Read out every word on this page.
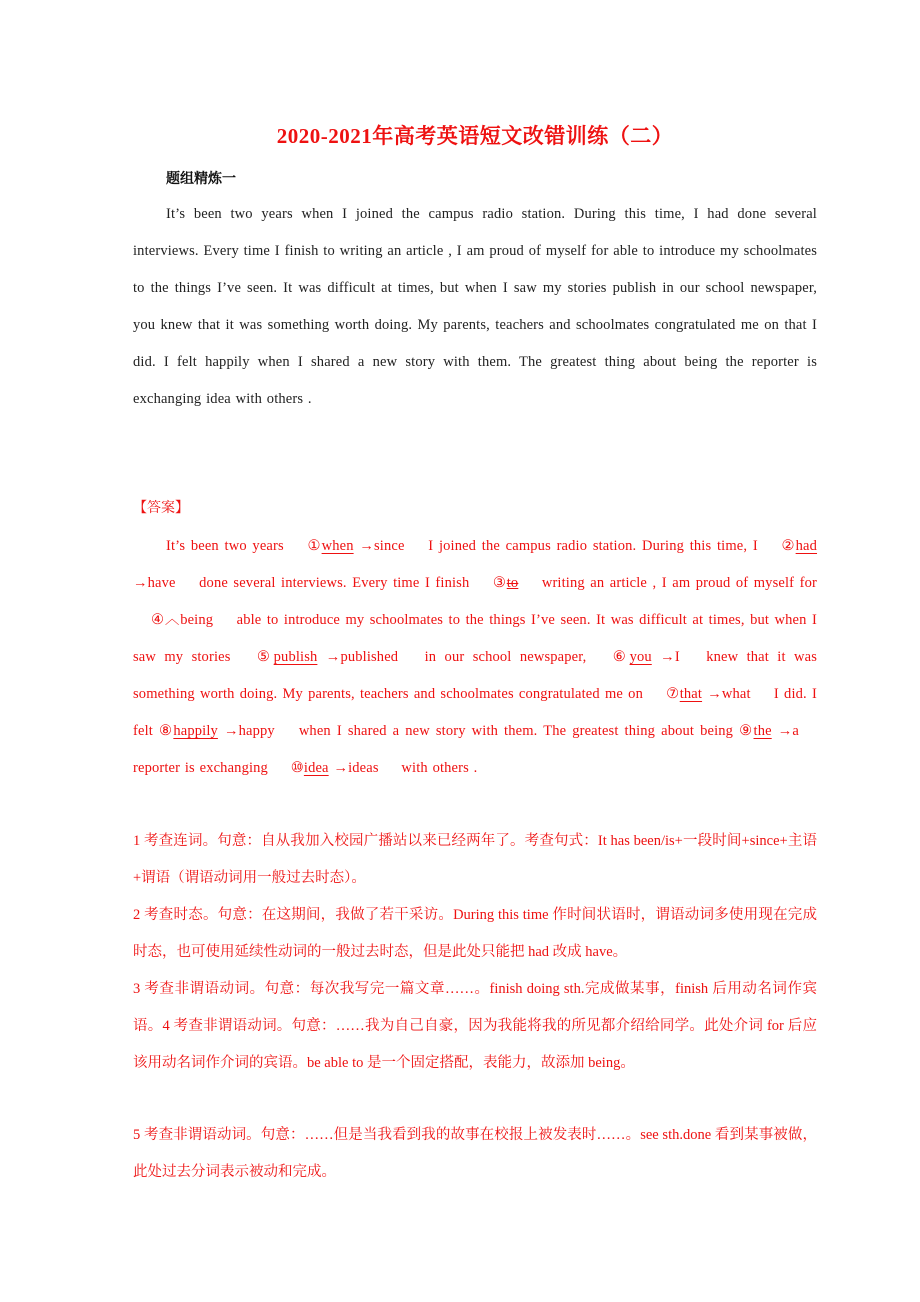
2020-2021年高考英语短文改错训练（二）
题组精炼一

It’s been two years when I joined the campus radio station. During this time, I had done several interviews. Every time I finish to writing an article , I am proud of myself for able to introduce my schoolmates to the things I’ve seen. It was difficult at times, but when I saw my stories publish in our school newspaper, you knew that it was something worth doing. My parents, teachers and schoolmates congratulated me on that I did. I felt happily when I shared a new story with them. The greatest thing about being the reporter is exchanging idea with others .

【答案】

It’s been two years ①when →since I joined the campus radio station. During this time, I ②had →have done several interviews. Every time I finish ③to writing an article , I am proud of myself for ④︿being able to introduce my schoolmates to the things I’ve seen. It was difficult at times, but when I saw my stories ⑤publish →published in our school newspaper, ⑥you →I knew that it was something worth doing. My parents, teachers and schoolmates congratulated me on ⑦that →what I did. I felt ⑧happily →happy when I shared a new story with them. The greatest thing about being ⑨the →a reporter is exchanging ⑩idea →ideas with others .

1 考查连词。句意：自从我加入校园广播站以来已经两年了。考查句式：It has been/is+一段时间+since+主语+谓语（谓语动词用一般过去时态）。

2 考查时态。句意：在这期间，我做了若干采访。During this time 作时间状语时，谓语动词多使用现在完成时态，也可使用延续性动词的一般过去时态，但是此处只能把 had 改成 have。

3 考查非谓语动词。句意：每次我写完一篇文章……。finish doing sth.完成做某事，finish 后用动名词作宾语。4 考查非谓语动词。句意：……我为自己自豪，因为我能将我的所见都介绍给同学。此处介词 for 后应该用动名词作介词的宾语。be able to 是一个固定搭配，表能力，故添加 being。

5 考查非谓语动词。句意：……但是当我看到我的故事在校报上被发表时……。see sth.done 看到某事被做，此处过去分词表示被动和完成。
